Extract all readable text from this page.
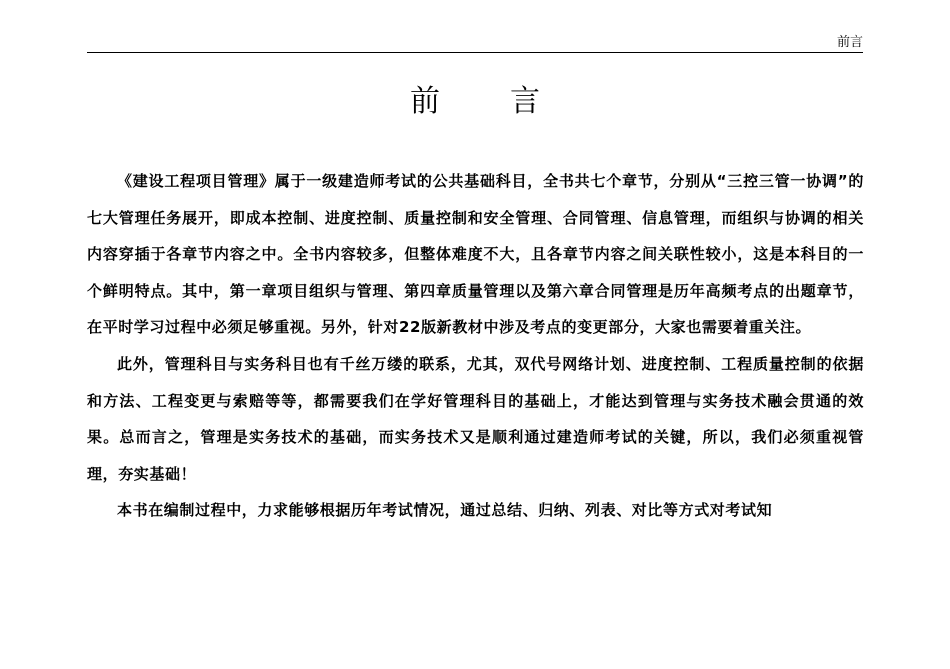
前言
前 言

《建设工程项目管理》属于一级建造师考试的公共基础科目，全书共七个章节，分别从“三控三管一协调”的七大管理任务展开，即成本控制、进度控制、质量控制和安全管理、合同管理、信息管理，而组织与协调的相关内容穿插于各章节内容之中。全书内容较多，但整体难度不大，且各章节内容之间关联性较小，这是本科目的一个鲜明特点。其中，第一章项目组织与管理、第四章质量管理以及第六章合同管理是历年高频考点的出题章节，在平时学习过程中必须足够重视。另外，针对22版新教材中涉及考点的变更部分，大家也需要着重关注。

此外，管理科目与实务科目也有千丝万缕的联系，尤其，双代号网络计划、进度控制、工程质量控制的依据和方法、工程变更与索赔等等，都需要我们在学好管理科目的基础上，才能达到管理与实务技术融会贯通的效果。总而言之，管理是实务技术的基础，而实务技术又是顺利通过建造师考试的关键，所以，我们必须重视管理，夯实基础！

本书在编制过程中，力求能够根据历年考试情况，通过总结、归纳、列表、对比等方式对考试知
